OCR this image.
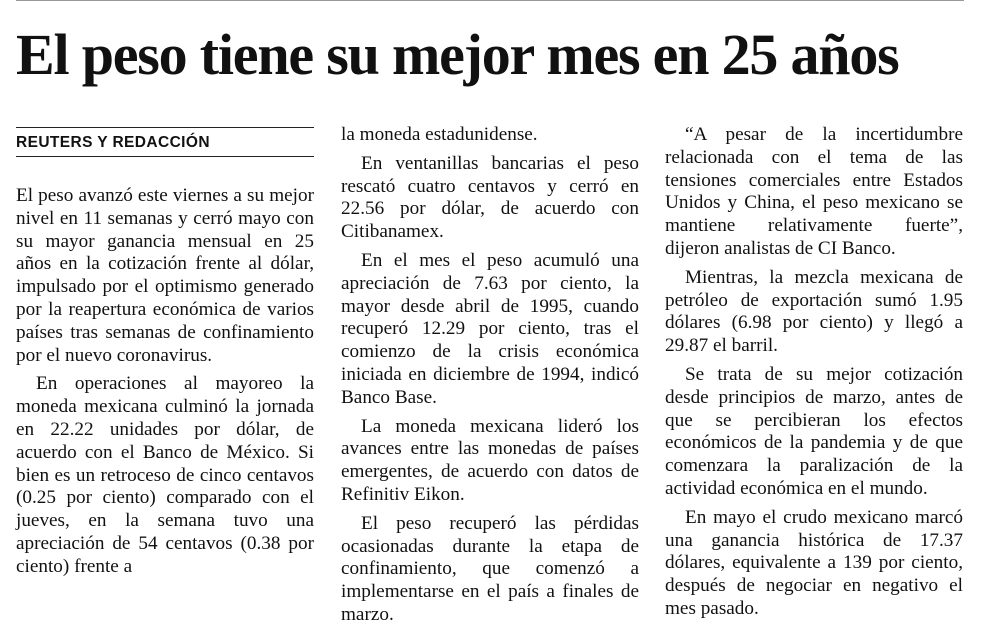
El peso tiene su mejor mes en 25 años
REUTERS Y REDACCIÓN

El peso avanzó este viernes a su mejor nivel en 11 semanas y cerró mayo con su mayor ganancia mensual en 25 años en la cotización frente al dólar, impulsado por el optimismo generado por la reapertura económica de varios países tras semanas de confinamiento por el nuevo coronavirus.

En operaciones al mayoreo la moneda mexicana culminó la jornada en 22.22 unidades por dólar, de acuerdo con el Banco de México. Si bien es un retroceso de cinco centavos (0.25 por ciento) comparado con el jueves, en la semana tuvo una apreciación de 54 centavos (0.38 por ciento) frente a

la moneda estadunidense.

En ventanillas bancarias el peso rescató cuatro centavos y cerró en 22.56 por dólar, de acuerdo con Citibanamex.

En el mes el peso acumuló una apreciación de 7.63 por ciento, la mayor desde abril de 1995, cuando recuperó 12.29 por ciento, tras el comienzo de la crisis económica iniciada en diciembre de 1994, indicó Banco Base.

La moneda mexicana lideró los avances entre las monedas de países emergentes, de acuerdo con datos de Refinitiv Eikon.

El peso recuperó las pérdidas ocasionadas durante la etapa de confinamiento, que comenzó a implementarse en el país a finales de marzo.

“A pesar de la incertidumbre relacionada con el tema de las tensiones comerciales entre Estados Unidos y China, el peso mexicano se mantiene relativamente fuerte”, dijeron analistas de CI Banco.

Mientras, la mezcla mexicana de petróleo de exportación sumó 1.95 dólares (6.98 por ciento) y llegó a 29.87 el barril.

Se trata de su mejor cotización desde principios de marzo, antes de que se percibieran los efectos económicos de la pandemia y de que comenzara la paralización de la actividad económica en el mundo.

En mayo el crudo mexicano marcó una ganancia histórica de 17.37 dólares, equivalente a 139 por ciento, después de negociar en negativo el mes pasado.
